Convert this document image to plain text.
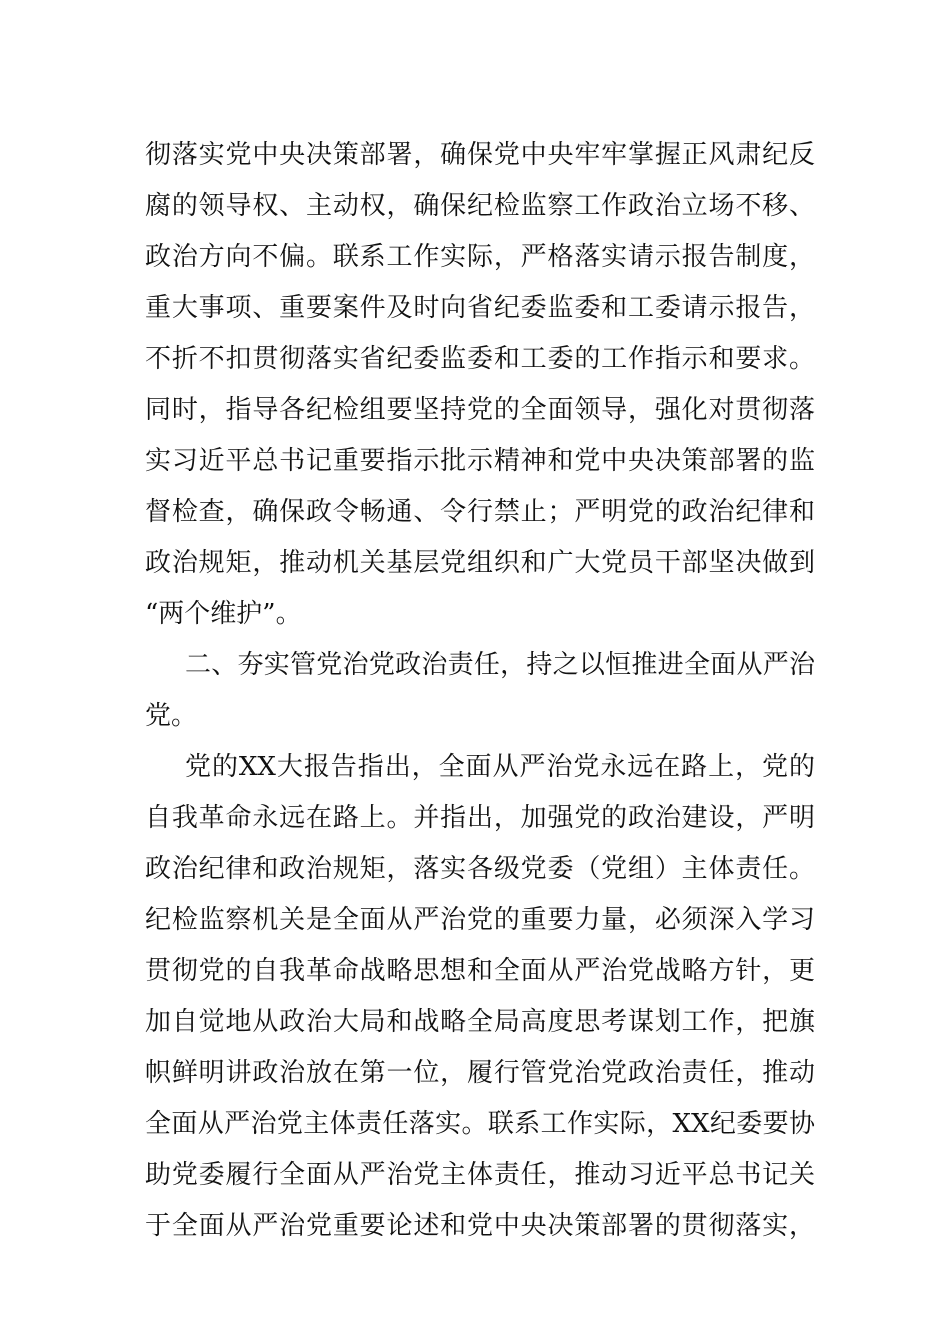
彻落实党中央决策部署，确保党中央牢牢掌握正风肃纪反
腐的领导权、主动权，确保纪检监察工作政治立场不移、
政治方向不偏。联系工作实际，严格落实请示报告制度，
重大事项、重要案件及时向省纪委监委和工委请示报告，
不折不扣贯彻落实省纪委监委和工委的工作指示和要求。
同时，指导各纪检组要坚持党的全面领导，强化对贯彻落
实习近平总书记重要指示批示精神和党中央决策部署的监
督检查，确保政令畅通、令行禁止；严明党的政治纪律和
政治规矩，推动机关基层党组织和广大党员干部坚决做到
“两个维护”。
二、夯实管党治党政治责任，持之以恒推进全面从严治
党。
党的XX大报告指出，全面从严治党永远在路上，党的
自我革命永远在路上。并指出，加强党的政治建设，严明
政治纪律和政治规矩，落实各级党委（党组）主体责任。
纪检监察机关是全面从严治党的重要力量，必须深入学习
贯彻党的自我革命战略思想和全面从严治党战略方针，更
加自觉地从政治大局和战略全局高度思考谋划工作，把旗
帜鲜明讲政治放在第一位，履行管党治党政治责任，推动
全面从严治党主体责任落实。联系工作实际，XX纪委要协
助党委履行全面从严治党主体责任，推动习近平总书记关
于全面从严治党重要论述和党中央决策部署的贯彻落实，
